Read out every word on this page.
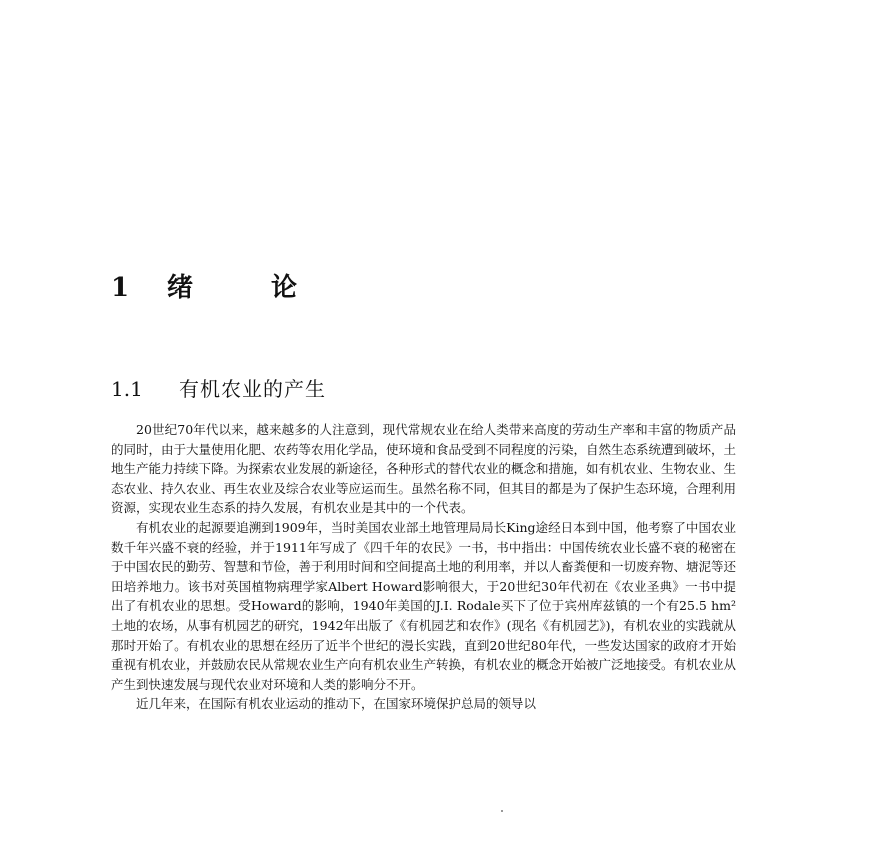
1	绪论
1.1	有机农业的产生

20世纪70年代以来，越来越多的人注意到，现代常规农业在给人类带来高度的劳动生产率和丰富的物质产品的同时，由于大量使用化肥、农药等农用化学品，使环境和食品受到不同程度的污染，自然生态系统遭到破坏，土地生产能力持续下降。为探索农业发展的新途径，各种形式的替代农业的概念和措施，如有机农业、生物农业、生态农业、持久农业、再生农业及综合农业等应运而生。虽然名称不同，但其目的都是为了保护生态环境，合理利用资源，实现农业生态系的持久发展，有机农业是其中的一个代表。

有机农业的起源要追溯到1909年，当时美国农业部土地管理局局长King途经日本到中国，他考察了中国农业数千年兴盛不衰的经验，并于1911年写成了《四千年的农民》一书，书中指出：中国传统农业长盛不衰的秘密在于中国农民的勤劳、智慧和节俭，善于利用时间和空间提高土地的利用率，并以人畜粪便和一切废弃物、塘泥等还田培养地力。该书对英国植物病理学家Albert Howard影响很大，于20世纪30年代初在《农业圣典》一书中提出了有机农业的思想。受Howard的影响，1940年美国的J.I. Rodale买下了位于宾州库兹镇的一个有25.5 hm² 土地的农场，从事有机园艺的研究，1942年出版了《有机园艺和农作》(现名《有机园艺》)，有机农业的实践就从那时开始了。有机农业的思想在经历了近半个世纪的漫长实践，直到20世纪80年代，一些发达国家的政府才开始重视有机农业，并鼓励农民从常规农业生产向有机农业生产转换，有机农业的概念开始被广泛地接受。有机农业从产生到快速发展与现代农业对环境和人类的影响分不开。

近几年来，在国际有机农业运动的推动下，在国家环境保护总局的领导以
